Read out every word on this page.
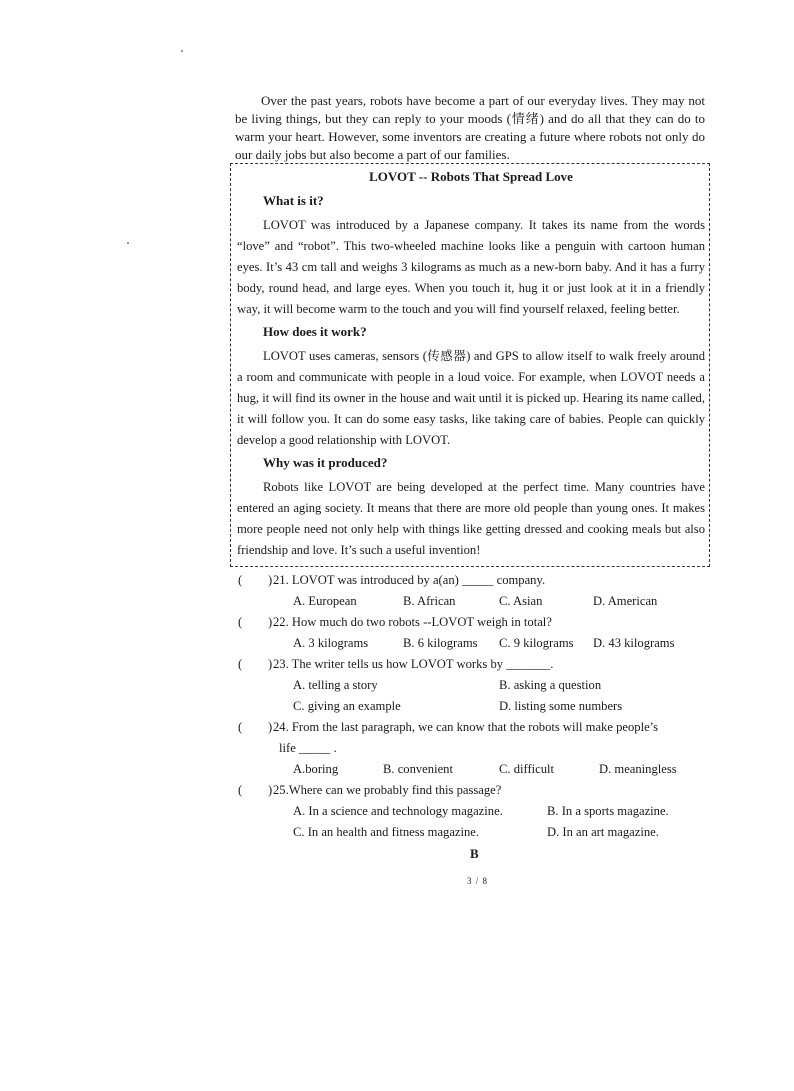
Over the past years, robots have become a part of our everyday lives. They may not be living things, but they can reply to your moods (情绪) and do all that they can do to warm your heart. However, some inventors are creating a future where robots not only do our daily jobs but also become a part of our families.

LOVOT -- Robots That Spread Love
What is it?

LOVOT was introduced by a Japanese company. It takes its name from the words “love” and “robot”. This two-wheeled machine looks like a penguin with cartoon human eyes. It’s 43 cm tall and weighs 3 kilograms as much as a new-born baby. And it has a furry body, round head, and large eyes. When you touch it, hug it or just look at it in a friendly way, it will become warm to the touch and you will find yourself relaxed, feeling better.

How does it work?

LOVOT uses cameras, sensors (传感器) and GPS to allow itself to walk freely around a room and communicate with people in a loud voice. For example, when LOVOT needs a hug, it will find its owner in the house and wait until it is picked up. Hearing its name called, it will follow you. It can do some easy tasks, like taking care of babies. People can quickly develop a good relationship with LOVOT.

Why was it produced?

Robots like LOVOT are being developed at the perfect time. Many countries have entered an aging society. It means that there are more old people than young ones. It makes more people need not only help with things like getting dressed and cooking meals but also friendship and love. It’s such a useful invention!

( ) 21. LOVOT was introduced by a(an) _____ company.
A. European	B. African	C. Asian	D. American
( ) 22. How much do two robots --LOVOT weigh in total?
A. 3 kilograms	B. 6 kilograms C. 9 kilograms D. 43 kilograms
( ) 23. The writer tells us how LOVOT works by _______.
A. telling a story	B. asking a question
C. giving an example	D. listing some numbers
( ) 24. From the last paragraph, we can know that the robots will make people’s
life _____ .
A.boring	B. convenient	C. difficult	D. meaningless
( ) 25.Where can we probably find this passage?
A. In a science and technology magazine.	B. In a sports magazine.
C. In an health and fitness magazine.	D. In an art magazine.
B
3 / 8
